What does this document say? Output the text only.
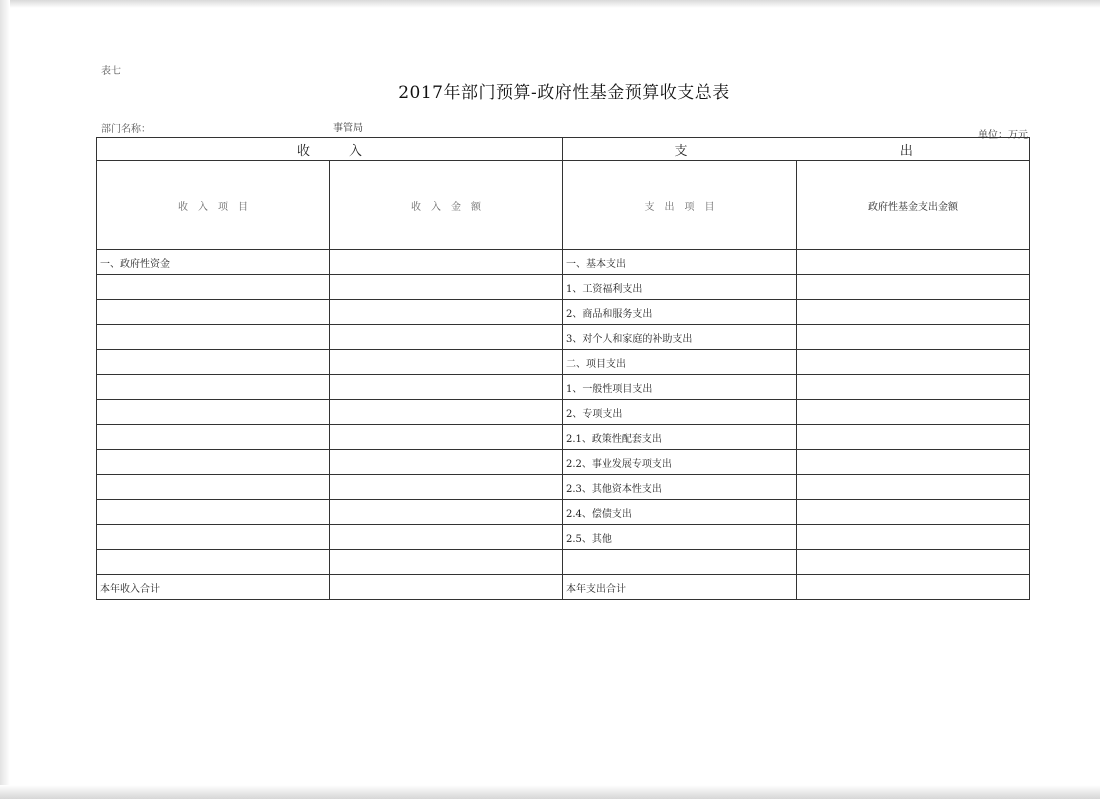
表七
2017年部门预算-政府性基金预算收支总表
部门名称：	事管局
单位：万元
收　　　入		支 出	
收　入　项　目	收　入　金　额	支　出　项　目	政府性基金支出金额
一、政府性资金		一、基本支出	
		1、工资福利支出	
		2、商品和服务支出	
		3、对个人和家庭的补助支出	
		二、项目支出	
		1、一般性项目支出	
		2、专项支出	
		2.1、政策性配套支出	
		2.2、事业发展专项支出	
		2.3、其他资本性支出	
		2.4、偿债支出	
		2.5、其他	

本年收入合计		本年支出合计	
